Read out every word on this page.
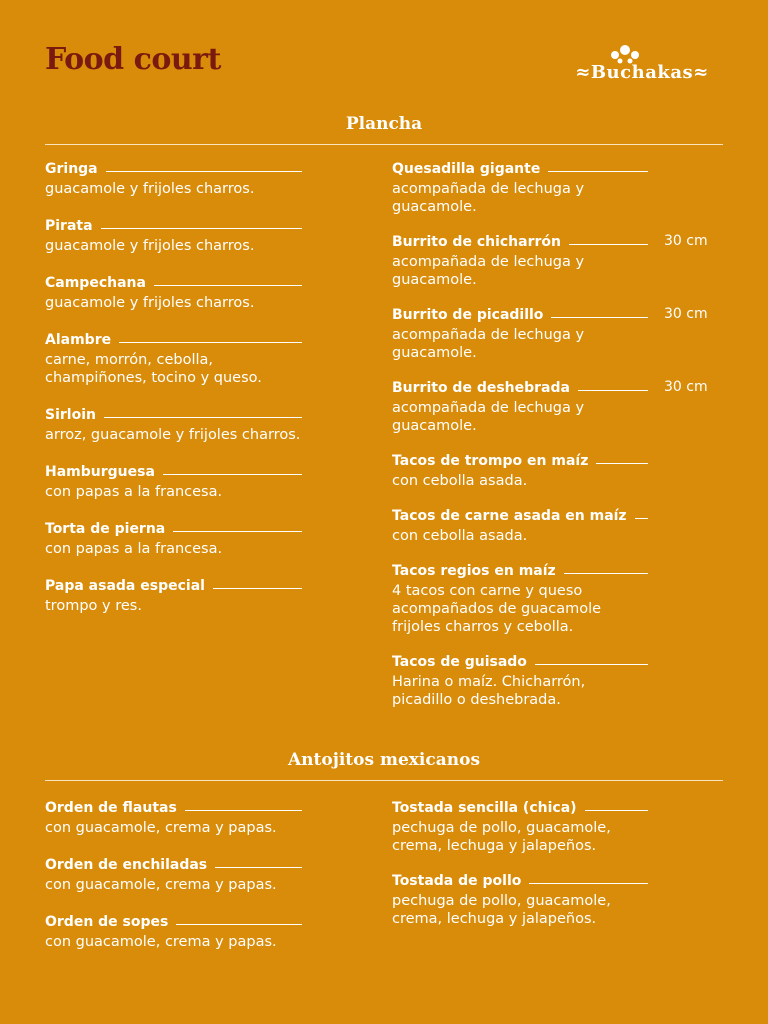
Food court	≈Buchakas≈
Plancha
Gringa
guacamole y frijoles charros.
Pirata
guacamole y frijoles charros.
Campechana
guacamole y frijoles charros.
Alambre
carne, morrón, cebolla, champiñones, tocino y queso.
Sirloin
arroz, guacamole y frijoles charros.
Hamburguesa
con papas a la francesa.
Torta de pierna
con papas a la francesa.
Papa asada especial
trompo y res.
Quesadilla gigante
acompañada de lechuga y guacamole.
Burrito de chicharrón	30 cm
acompañada de lechuga y guacamole.
Burrito de picadillo	30 cm
acompañada de lechuga y guacamole.
Burrito de deshebrada	30 cm
acompañada de lechuga y guacamole.
Tacos de trompo en maíz
con cebolla asada.
Tacos de carne asada en maíz
con cebolla asada.
Tacos regios en maíz
4 tacos con carne y queso acompañados de guacamole frijoles charros y cebolla.
Tacos de guisado
Harina o maíz. Chicharrón, picadillo o deshebrada.
Antojitos mexicanos
Orden de flautas
con guacamole, crema y papas.
Orden de enchiladas
con guacamole, crema y papas.
Orden de sopes
con guacamole, crema y papas.
Tostada sencilla (chica)
pechuga de pollo, guacamole, crema, lechuga y jalapeños.
Tostada de pollo
pechuga de pollo, guacamole, crema, lechuga y jalapeños.
